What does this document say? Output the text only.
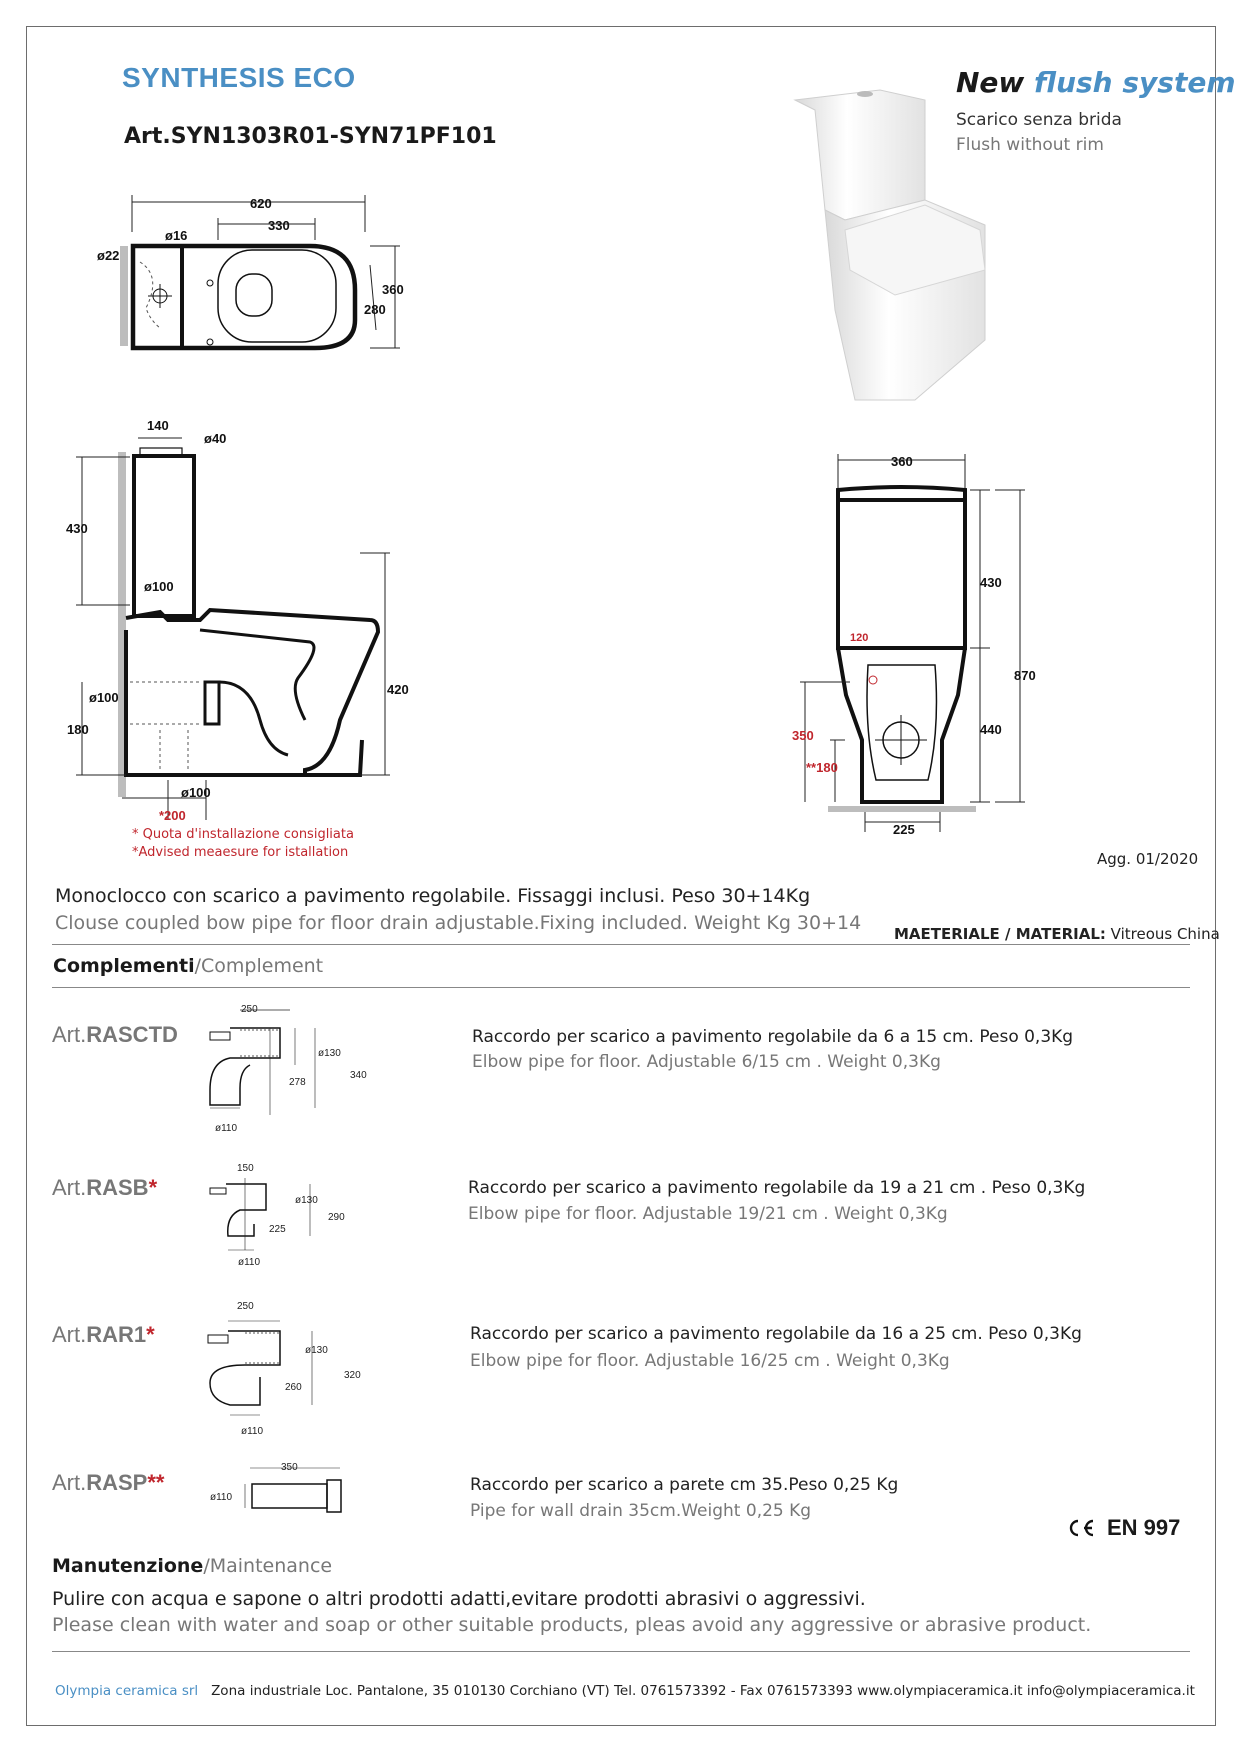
SYNTHESIS ECO
Art.SYN1303R01-SYN71PF101
New flush system
Scarico senza brida
Flush without rim
620
330
ø16
ø22
360
280
140
ø40
430
ø100
ø100
420
180
ø100
*200
* Quota d'installazione consigliata
*Advised meaesure for istallation
360
430
870
120
440
350
**180
225
Agg. 01/2020
Monoclocco con scarico a pavimento regolabile. Fissaggi inclusi. Peso 30+14Kg
Clouse coupled bow pipe for floor drain adjustable.Fixing included. Weight Kg 30+14 MAETERIALE / MATERIAL: Vitreous China
Complementi/Complement
Art.RASCTD
250
ø130
340
278
ø110
Raccordo per scarico a pavimento regolabile da 6 a 15 cm. Peso 0,3Kg
Elbow pipe for floor. Adjustable 6/15 cm . Weight 0,3Kg
Art.RASB*
150
ø130
290
225
ø110
Raccordo per scarico a pavimento regolabile da 19 a 21 cm . Peso 0,3Kg
Elbow pipe for floor. Adjustable 19/21 cm . Weight 0,3Kg
Art.RAR1*
250
ø130
320
260
ø110
Raccordo per scarico a pavimento regolabile da 16 a 25 cm. Peso 0,3Kg
Elbow pipe for floor. Adjustable 16/25 cm . Weight 0,3Kg
Art.RASP**
350
ø110
Raccordo per scarico a parete cm 35.Peso 0,25 Kg
Pipe for wall drain 35cm.Weight 0,25 Kg
EN 997
Manutenzione/Maintenance
Pulire con acqua e sapone o altri prodotti adatti,evitare prodotti abrasivi o aggressivi.
Please clean with water and soap or other suitable products, pleas avoid any aggressive or abrasive product.
Olympia ceramica srl Zona industriale Loc. Pantalone, 35 010130 Corchiano (VT) Tel. 0761573392 - Fax 0761573393 www.olympiaceramica.it info@olympiaceramica.it
